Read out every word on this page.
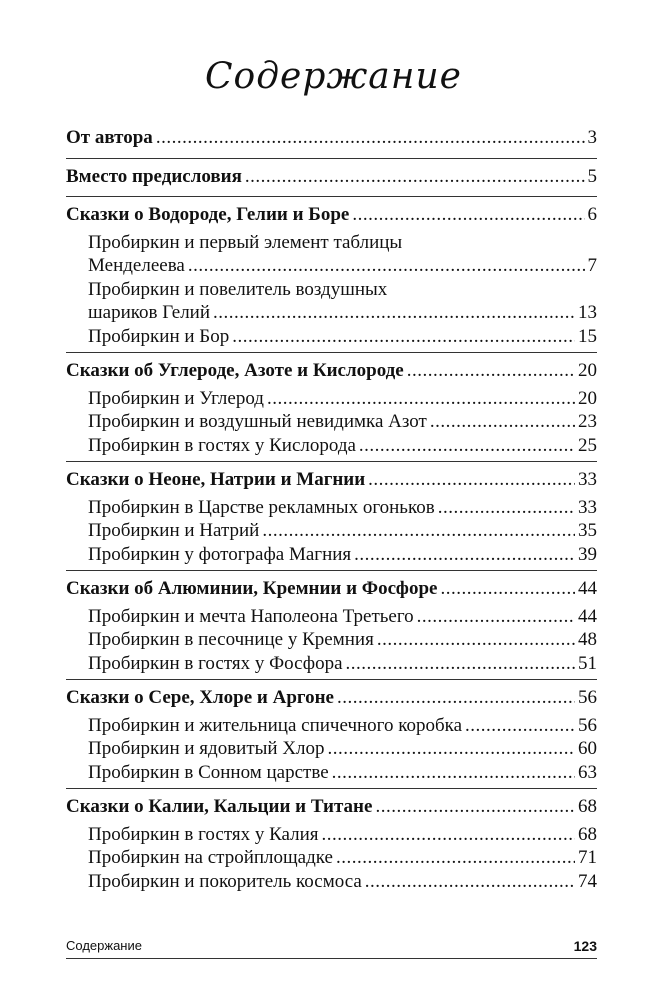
Содержание
От автора .....	3
Вместо предисловия .....	5
Сказки о Водороде, Гелии и Боре .....	6
Пробиркин и первый элемент таблицы
Менделеева .....	7
Пробиркин и повелитель воздушных
шариков Гелий .....	13
Пробиркин и Бор .....	15
Сказки об Углероде, Азоте и Кислороде .....	20
Пробиркин и Углерод .....	20
Пробиркин и воздушный невидимка Азот .....	23
Пробиркин в гостях у Кислорода .....	25
Сказки о Неоне, Натрии и Магнии .....	33
Пробиркин в Царстве рекламных огоньков .....	33
Пробиркин и Натрий .....	35
Пробиркин у фотографа Магния .....	39
Сказки об Алюминии, Кремнии и Фосфоре .....	44
Пробиркин и мечта Наполеона Третьего .....	44
Пробиркин в песочнице у Кремния .....	48
Пробиркин в гостях у Фосфора .....	51
Сказки о Сере, Хлоре и Аргоне .....	56
Пробиркин и жительница спичечного коробка .....	56
Пробиркин и ядовитый Хлор .....	60
Пробиркин в Сонном царстве .....	63
Сказки о Калии, Кальции и Титане .....	68
Пробиркин в гостях у Калия .....	68
Пробиркин на стройплощадке .....	71
Пробиркин и покоритель космоса .....	74
Содержание	123
